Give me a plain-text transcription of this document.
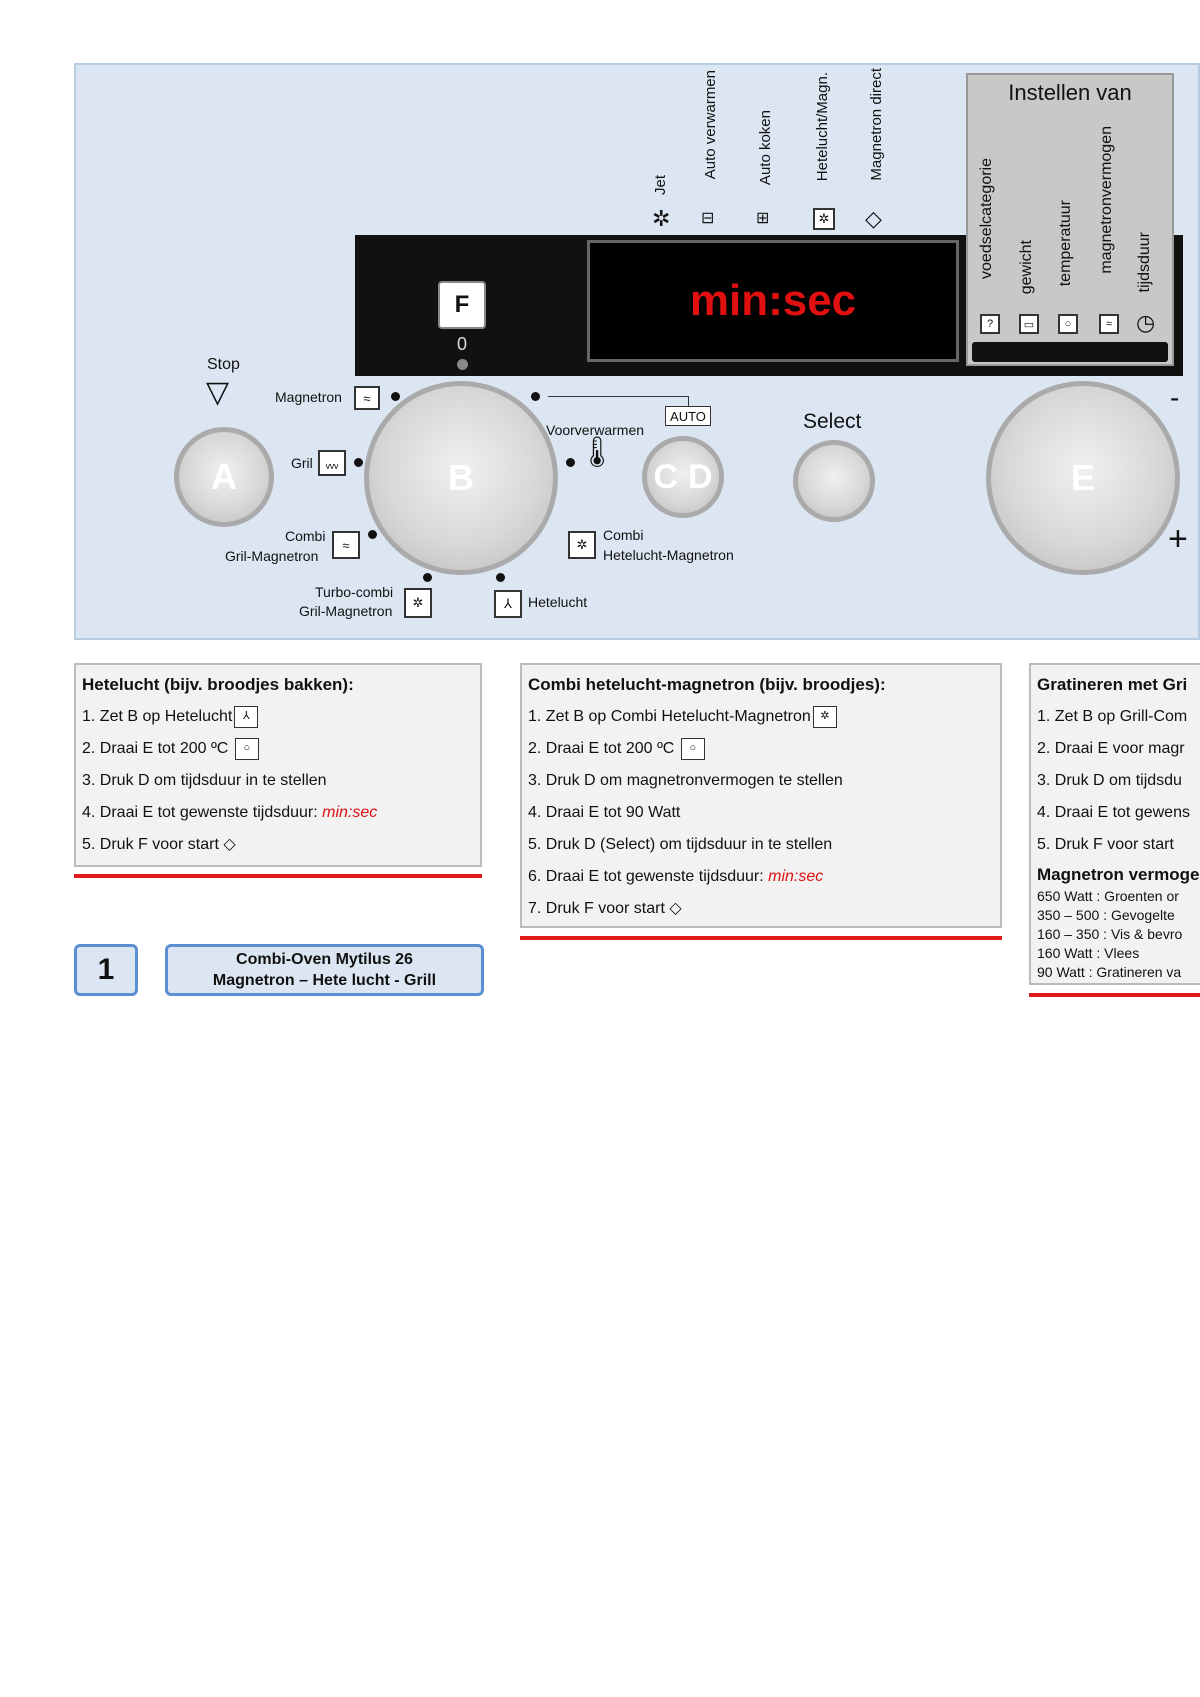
min:sec
F
0
Jet
✲
Auto verwarmen
⊟
Auto koken
⊞
Hetelucht/Magn.
✲
Magnetron direct
◇
Instellen van
voedselcategorie gewicht temperatuur magnetronvermogen tijdsduur
?	▭	○	≈	◷
Stop
▽
A	B
Magnetron	≈
Gril ᵥᵥᵥ
Combi
Gril-Magnetron
≈
Turbo-combi
Gril-Magnetron
✲	⅄	Hetelucht
AUTO
Voorverwarmen
🌡
✲
Combi
Hetelucht-Magnetron
C D
Select
E
-
+
Hetelucht (bijv. broodjes bakken):
1. Zet B op Hetelucht ⅄
2. Draai E tot 200 ºC ○
3. Druk D om tijdsduur in te stellen
4. Draai E tot gewenste tijdsduur: min:sec
5. Druk F voor start ◇
Combi hetelucht-magnetron (bijv. broodjes):
1. Zet B op Combi Hetelucht-Magnetron ✲
2. Draai E tot 200 ºC ○
3. Druk D om magnetronvermogen te stellen
4. Draai E tot 90 Watt
5. Druk D (Select) om tijdsduur in te stellen
6. Draai E tot gewenste tijdsduur: min:sec
7. Druk F voor start ◇
Gratineren met Gri
1. Zet B op Grill-Com
2. Draai E voor magr
3. Druk D om tijdsdu
4. Draai E tot gewens
5. Druk F voor start
Magnetron vermoge
650 Watt : Groenten or
350 – 500 : Gevogelte
160 – 350 : Vis & bevro
160 Watt : Vlees
90 Watt : Gratineren va
1	Combi-Oven Mytilus 26
Magnetron – Hete lucht - Grill
